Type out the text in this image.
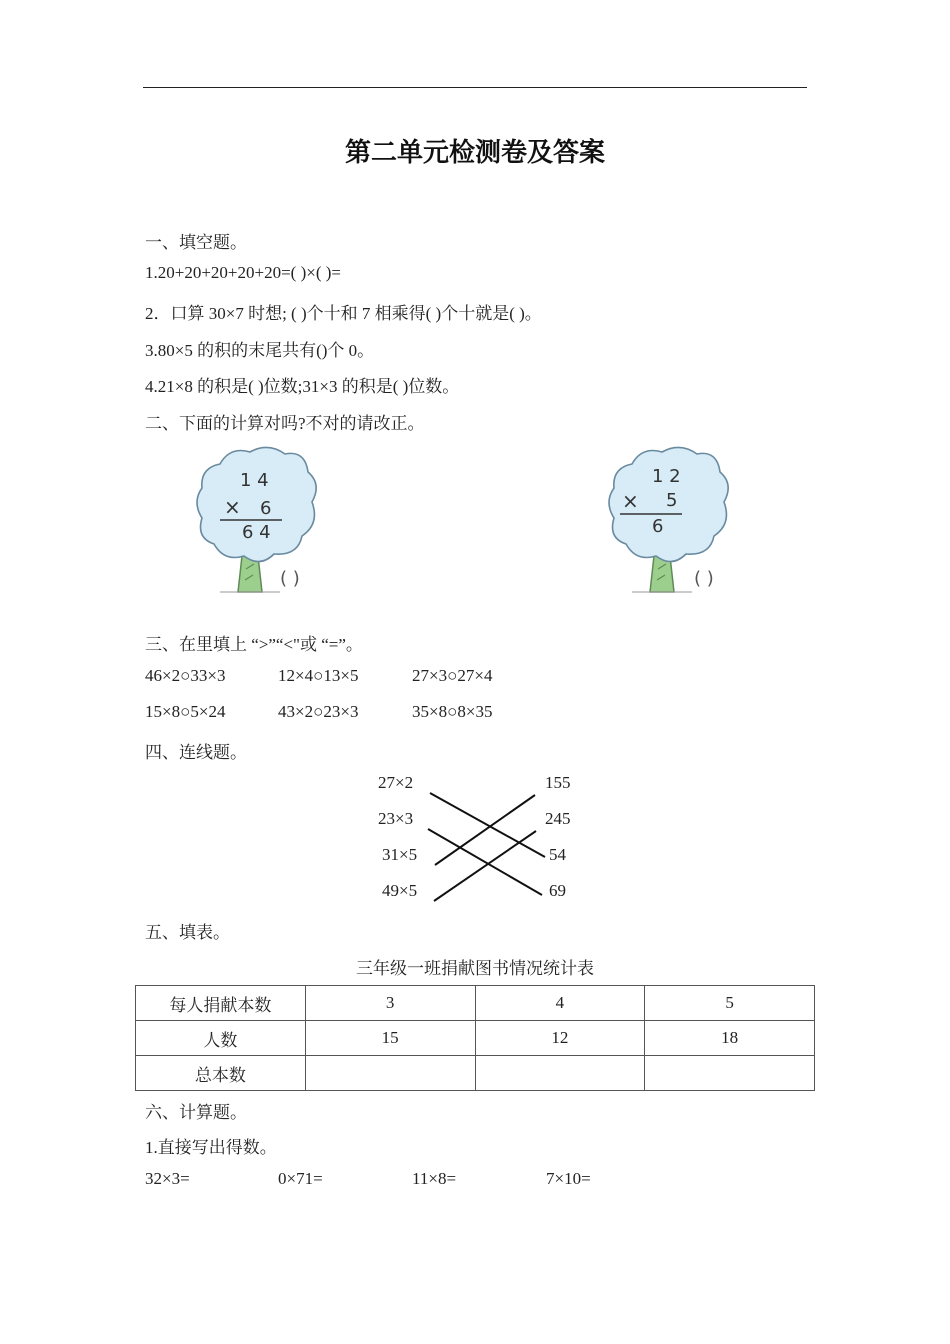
第二单元检测卷及答案
一、填空题。
1.20+20+20+20+20=( )×( )=
2．口算 30×7 时想; ( )个十和 7 相乘得( )个十就是( )。
3.80×5 的积的末尾共有()个 0。
4.21×8 的积是( )位数;31×3 的积是( )位数。
二、下面的计算对吗?不对的请改正。
1 4
× 6
6 4
( )
1 2
× 5
6
( )
三、在里填上 “>”“<"或 “=”。
46×2○33×3	12×4○13×5	27×3○27×4
15×8○5×24	43×2○23×3	35×8○8×35
四、连线题。
27×2
23×3
31×5
49×5
155
245
54
69
五、填表。
三年级一班捐献图书情况统计表
每人捐献本数	3	4	5
人数	15	12	18
总本数			
六、计算题。
1.直接写出得数。
32×3=	0×71=	11×8=	7×10=
